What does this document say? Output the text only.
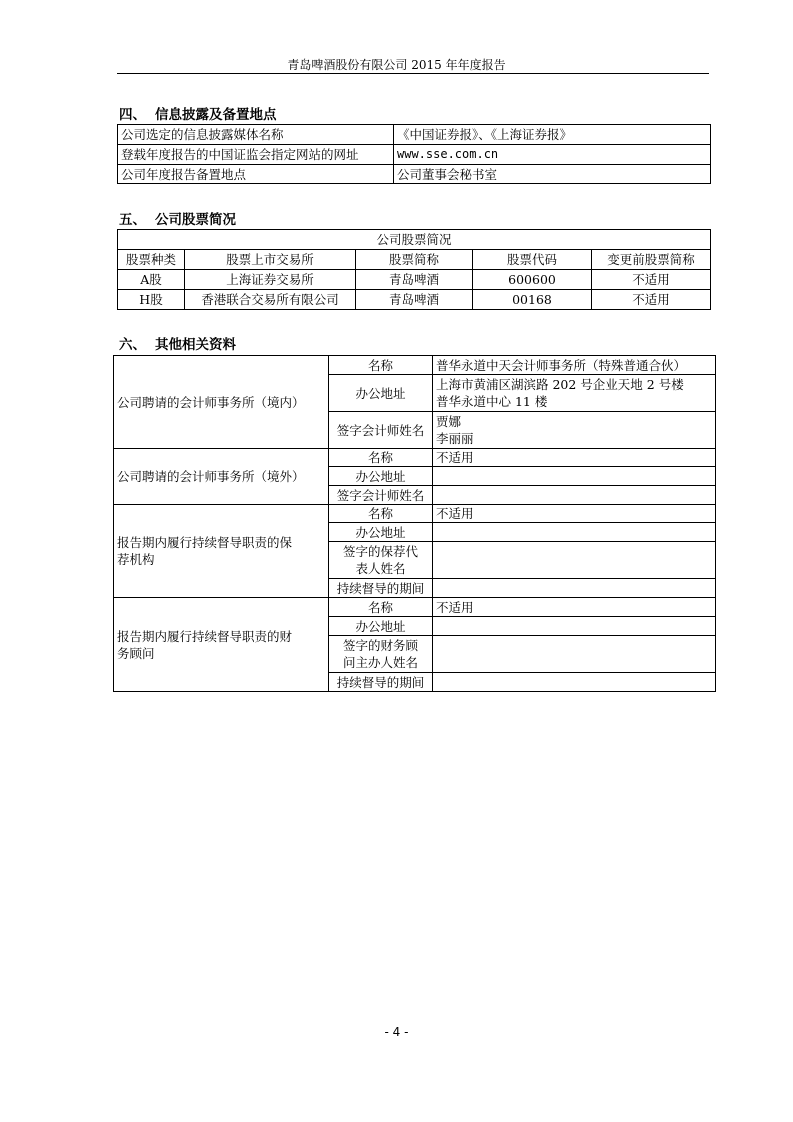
青岛啤酒股份有限公司 2015 年年度报告
四、 信息披露及备置地点
公司选定的信息披露媒体名称	《中国证券报》、《上海证券报》
登载年度报告的中国证监会指定网站的网址	www.sse.com.cn
公司年度报告备置地点	公司董事会秘书室
五、 公司股票简况
公司股票简况				
股票种类	股票上市交易所	股票简称	股票代码	变更前股票简称
A股	上海证券交易所	青岛啤酒	600600	不适用
H股	香港联合交易所有限公司	青岛啤酒	00168	不适用
六、 其他相关资料
公司聘请的会计师事务所（境内）	名称	普华永道中天会计师事务所（特殊普通合伙）
	办公地址	上海市黄浦区湖滨路 202 号企业天地 2 号楼
普华永道中心 11 楼

	签字会计师姓名	贾娜
李丽丽

公司聘请的会计师事务所（境外）	名称	不适用
	办公地址	
	签字会计师姓名	

报告期内履行持续督导职责的保
荐机构	名称	不适用
	办公地址	

	签字的保荐代
表人姓名	

	持续督导的期间	

报告期内履行持续督导职责的财
务顾问	名称	不适用
	办公地址	

	签字的财务顾
问主办人姓名	

	持续督导的期间	
- 4 -
